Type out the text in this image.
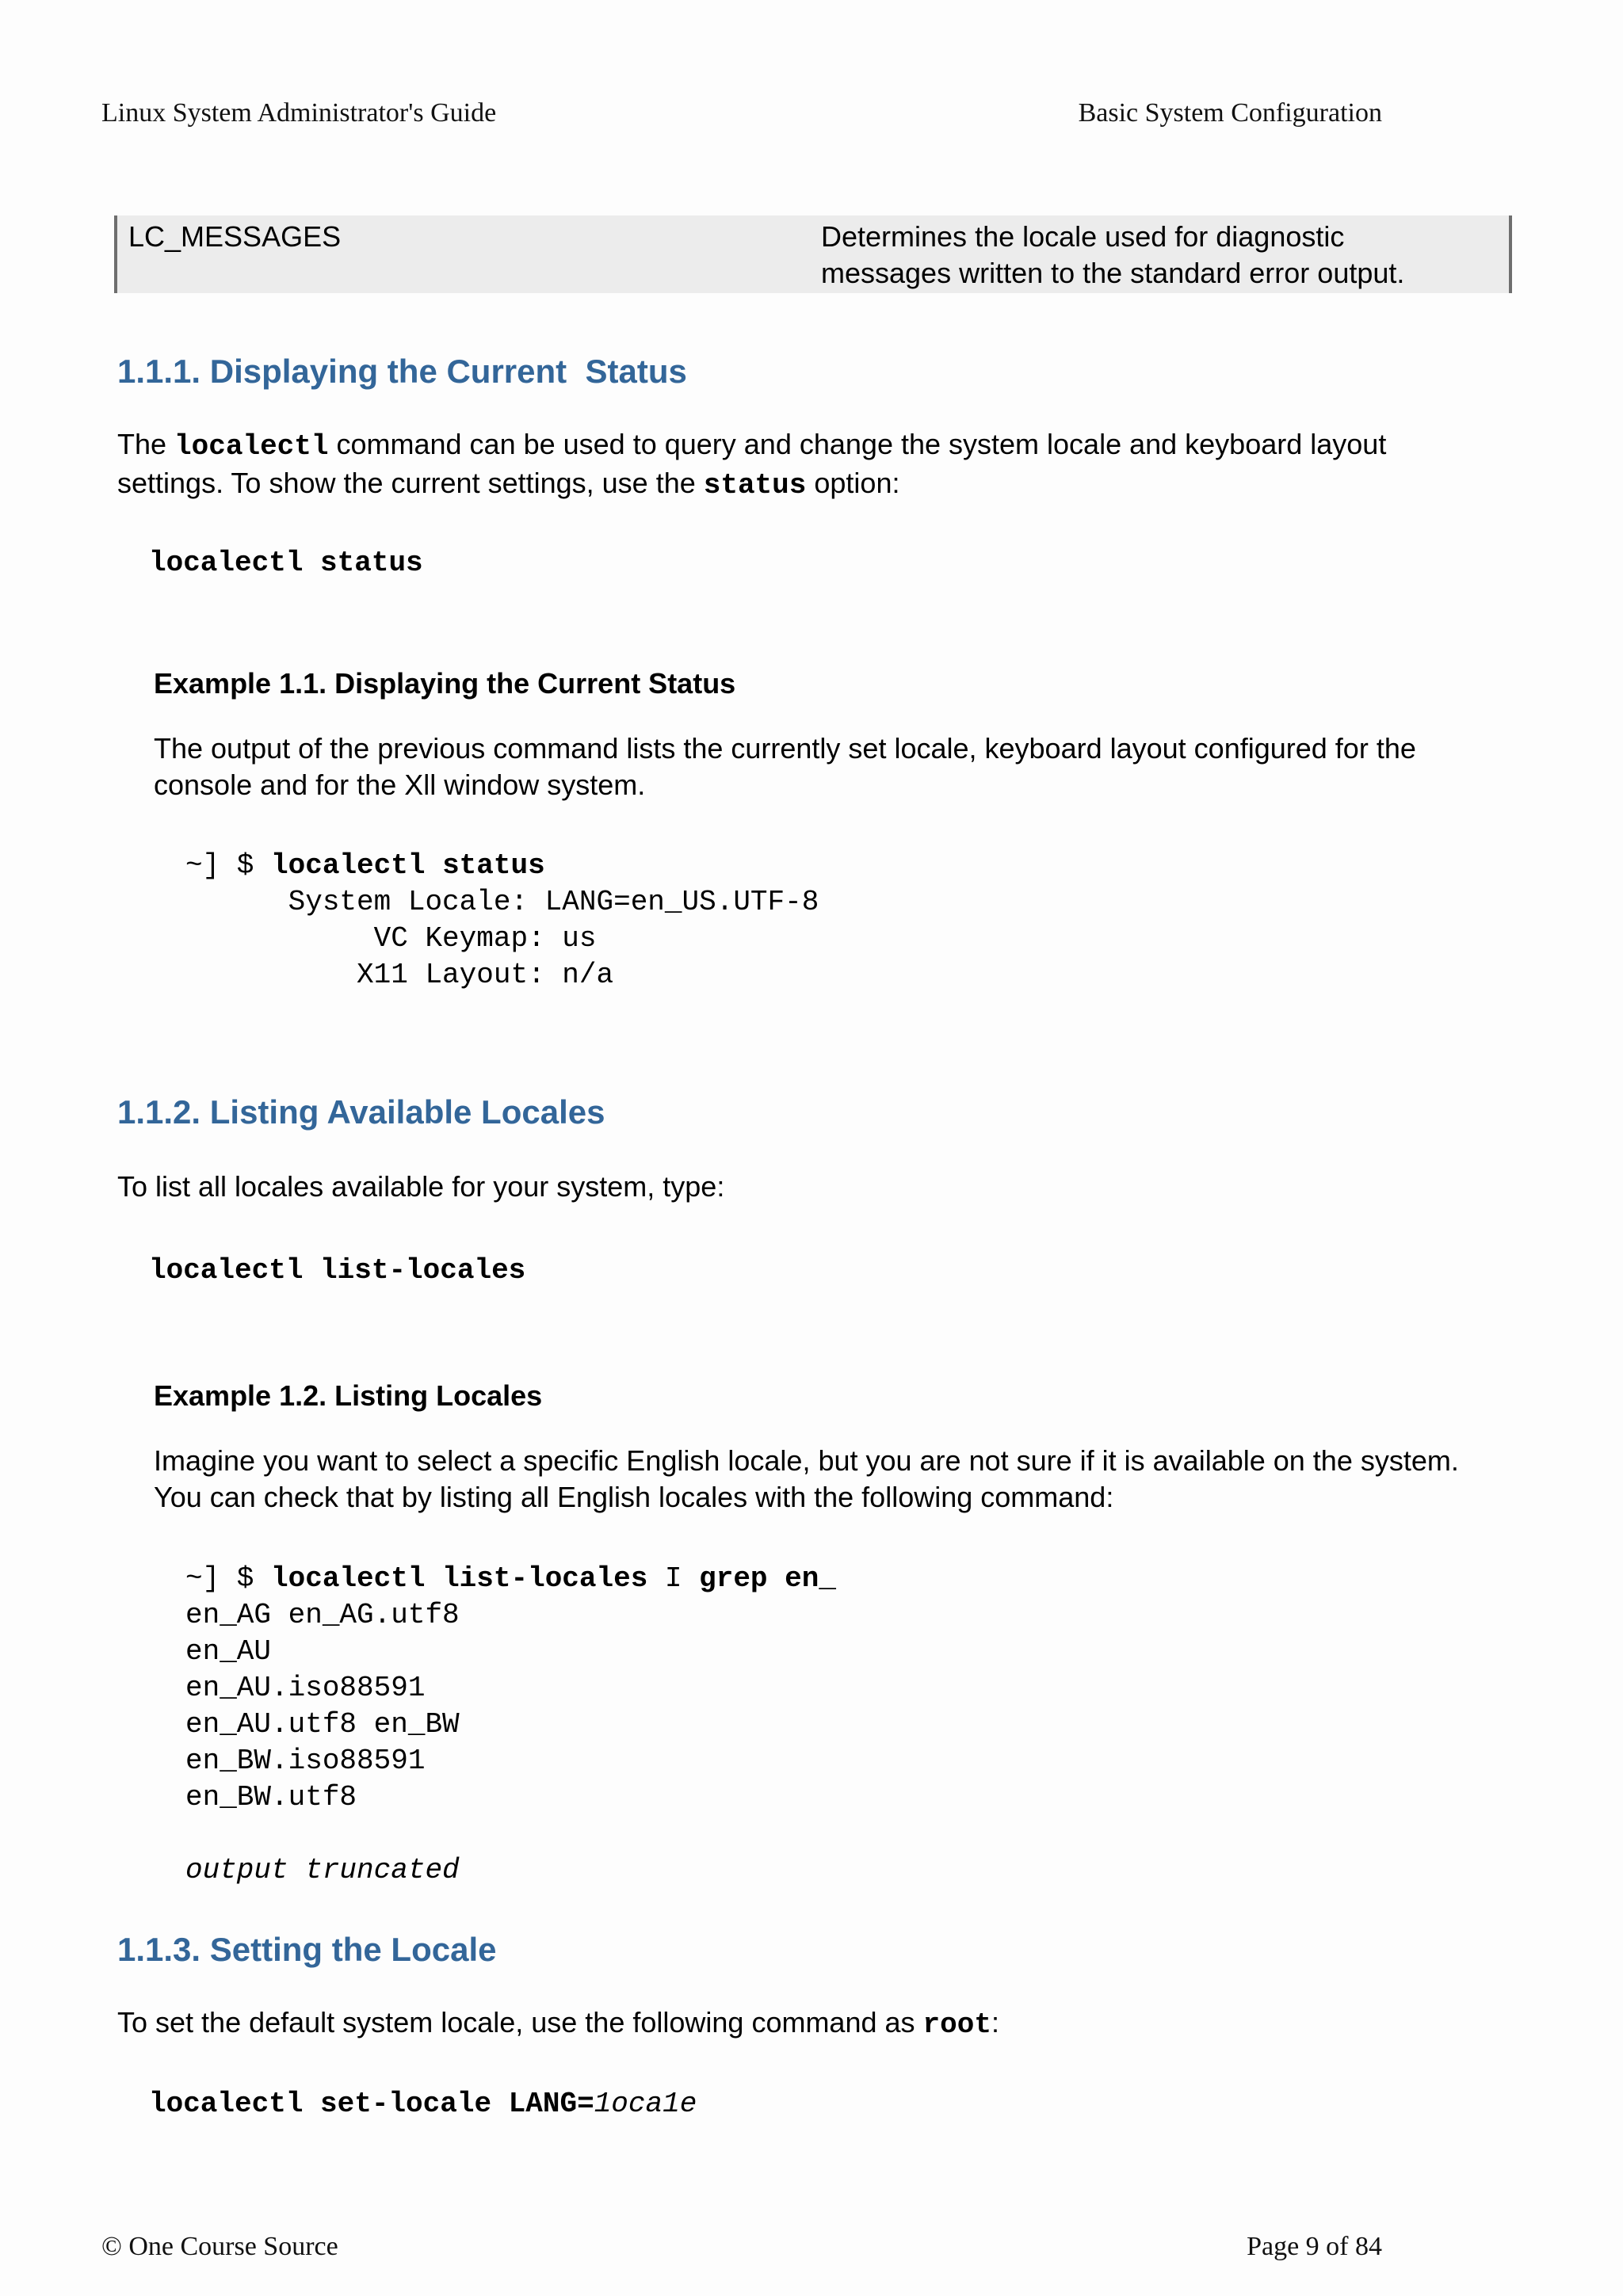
Linux System Administrator's Guide	Basic System Configuration
LC_MESSAGES	Determines the locale used for diagnostic messages written to the standard error output.
1.1.1. Displaying the Current  Status
The localectl command can be used to query and change the system locale and keyboard layout settings. To show the current settings, use the status option:
localectl status
Example 1.1. Displaying the Current Status
The output of the previous command lists the currently set locale, keyboard layout configured for the console and for the Xll window system.
~] $ localectl status
System Locale: LANG=en_US.UTF-8
VC Keymap: us
X11 Layout: n/a
1.1.2. Listing Available Locales
To list all locales available for your system, type:
localectl list-locales
Example 1.2. Listing Locales
Imagine you want to select a specific English locale, but you are not sure if it is available on the system. You can check that by listing all English locales with the following command:
~] $ localectl list-locales I grep en_
en_AG en_AG.utf8
en_AU
en_AU.iso88591
en_AU.utf8 en_BW
en_BW.iso88591
en_BW.utf8

output truncated
1.1.3. Setting the Locale
To set the default system locale, use the following command as root:
localectl set-locale LANG=1oca1e
© One Course Source	Page 9 of 84
